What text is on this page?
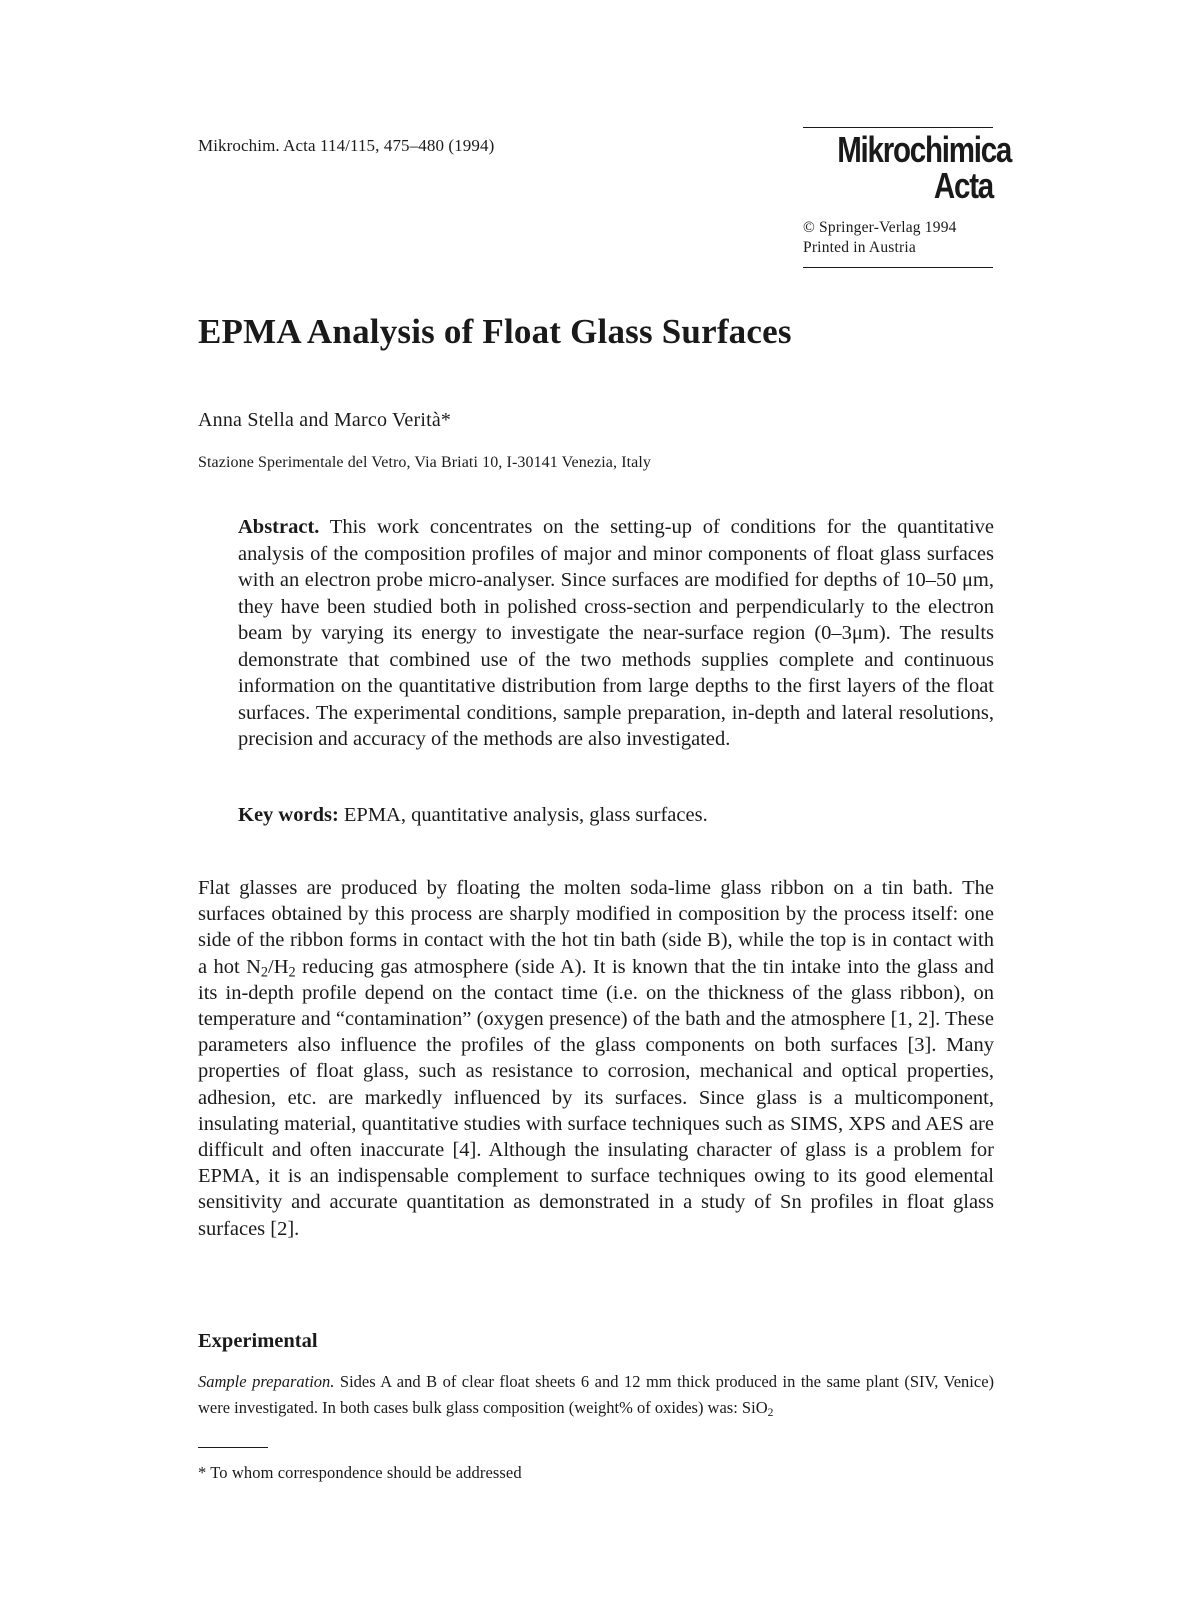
Mikrochim. Acta 114/115, 475–480 (1994)	Mikrochimica
Acta
© Springer-Verlag 1994
Printed in Austria
EPMA Analysis of Float Glass Surfaces
Anna Stella and Marco Verità*
Stazione Sperimentale del Vetro, Via Briati 10, I-30141 Venezia, Italy

Abstract. This work concentrates on the setting-up of conditions for the quantitative analysis of the composition profiles of major and minor components of float glass surfaces with an electron probe micro-analyser. Since surfaces are modified for depths of 10–50 μm, they have been studied both in polished cross-section and perpendicularly to the electron beam by varying its energy to investigate the near-surface region (0–3μm). The results demonstrate that combined use of the two methods supplies complete and continuous information on the quantitative distribution from large depths to the first layers of the float surfaces. The experimental conditions, sample preparation, in-depth and lateral resolutions, precision and accuracy of the methods are also investigated.

Key words: EPMA, quantitative analysis, glass surfaces.

Flat glasses are produced by floating the molten soda-lime glass ribbon on a tin bath. The surfaces obtained by this process are sharply modified in composition by the process itself: one side of the ribbon forms in contact with the hot tin bath (side B), while the top is in contact with a hot $N_2/H_2$ reducing gas atmosphere (side A). It is known that the tin intake into the glass and its in-depth profile depend on the contact time (i.e. on the thickness of the glass ribbon), on temperature and “contamination” (oxygen presence) of the bath and the atmosphere [1, 2]. These parameters also influence the profiles of the glass components on both surfaces [3]. Many properties of float glass, such as resistance to corrosion, mechanical and optical properties, adhesion, etc. are markedly influenced by its surfaces. Since glass is a multicomponent, insulating material, quantitative studies with surface techniques such as SIMS, XPS and AES are difficult and often inaccurate [4]. Although the insulating character of glass is a problem for EPMA, it is an indispensable complement to surface techniques owing to its good elemental sensitivity and accurate quantitation as demonstrated in a study of Sn profiles in float glass surfaces [2].

Experimental

Sample preparation. Sides A and B of clear float sheets 6 and 12 mm thick produced in the same plant (SIV, Venice) were investigated. In both cases bulk glass composition (weight% of oxides) was: SiO$_2$

* To whom correspondence should be addressed
